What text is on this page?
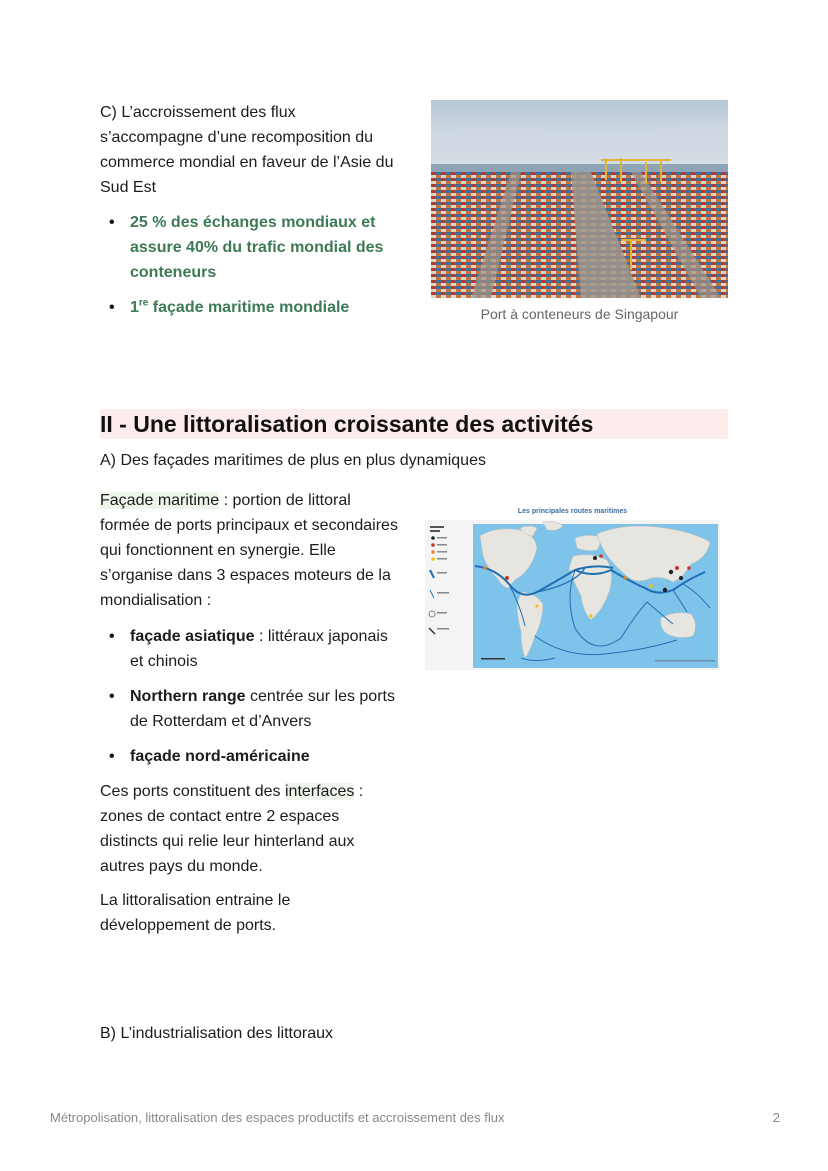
C) L’accroissement des flux s’accompagne d’une recomposition du commerce mondial en faveur de l’Asie du Sud Est
• 25 % des échanges mondiaux et assure 40% du trafic mondial des conteneurs
• 1re façade maritime mondiale	Port à conteneurs de Singapour
II - Une littoralisation croissante des activités
A) Des façades maritimes de plus en plus dynamiques
Façade maritime : portion de littoral formée de ports principaux et secondaires qui fonctionnent en synergie. Elle s’organise dans 3 espaces moteurs de la mondialisation :
• façade asiatique : littéraux japonais et chinois
• Northern range centrée sur les ports de Rotterdam et d’Anvers
• façade nord-américaine
Ces ports constituent des interfaces : zones de contact entre 2 espaces distincts qui relie leur hinterland aux autres pays du monde.
La littoralisation entraine le développement de ports.
B) L’industrialisation des littoraux
Les principales routes maritimes
Métropolisation, littoralisation des espaces productifs et accroissement des flux	2
